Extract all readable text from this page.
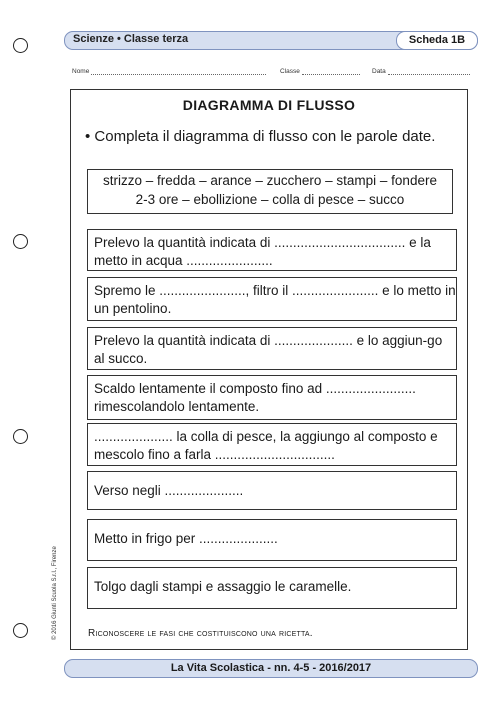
Scienze • Classe terza	Scheda 1B
Nome	Classe	Data
© 2016 Giunti Scuola S.r.l., Firenze
DIAGRAMMA DI FLUSSO
• Completa il diagramma di flusso con le parole date.
strizzo – fredda – arance – zucchero – stampi – fondere
2-3 ore – ebollizione – colla di pesce – succo
Prelevo la quantità indicata di ................................... e la metto in acqua .......................
Spremo le ......................., filtro il ....................... e lo metto in un pentolino.
Prelevo la quantità indicata di ..................... e lo aggiun-go al succo.
Scaldo lentamente il composto fino ad ........................ rimescolandolo lentamente.
..................... la colla di pesce, la aggiungo al composto e mescolo fino a farla ................................
Verso negli .....................
Metto in frigo per .....................
Tolgo dagli stampi e assaggio le caramelle.
Riconoscere le fasi che costituiscono una ricetta.
La Vita Scolastica - nn. 4-5 - 2016/2017
